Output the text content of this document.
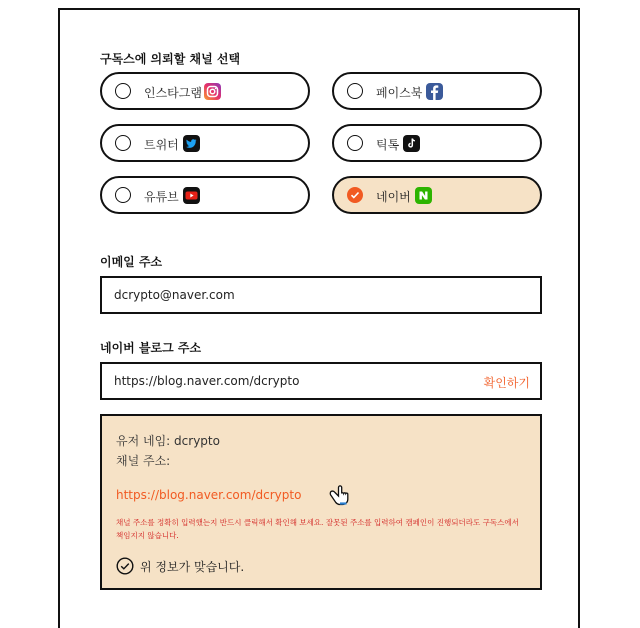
구독스에 의뢰할 채널 선택
인스타그램	페이스북
트위터	틱톡
유튜브	네이버
이메일 주소
dcrypto@naver.com
네이버 블로그 주소
https://blog.naver.com/dcrypto
확인하기
유저 네임: dcrypto
채널 주소:
https://blog.naver.com/dcrypto
채널 주소를 정확히 입력했는지 반드시 클릭해서 확인해 보세요. 잘못된 주소를 입력하여 캠페인이 진행되더라도 구독스에서 책임지지 않습니다.
위 정보가 맞습니다.
